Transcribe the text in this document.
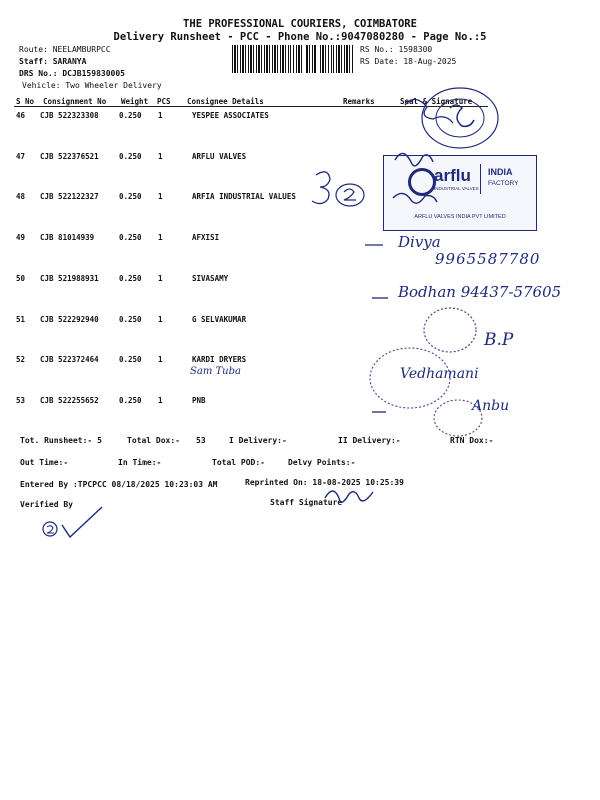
THE PROFESSIONAL COURIERS, COIMBATORE
Delivery Runsheet - PCC - Phone No.:9047080280 - Page No.:5
Route: NEELAMBURPCC
Staff: SARANYA
DRS No.: DCJB159830005
Vehicle: Two Wheeler Delivery
RS No.: 1598300
RS Date: 18-Aug-2025
S No Consignment No Weight PCS Consignee Details	Remarks	Seal & Signature
46 CJB 522323308	0.250 1	YESPEE ASSOCIATES
47 CJB 522376521	0.250 1	ARFLU VALVES
48 CJB 522122327	0.250 1	ARFIA INDUSTRIAL VALUES
49 CJB 81014939	0.250 1	AFXISI
50 CJB 521988931	0.250 1	SIVASAMY
51 CJB 522292940	0.250 1	G SELVAKUMAR
52 CJB 522372464	0.250 1	KARDI DRYERS
53 CJB 522255652	0.250 1	PNB
Tot. Runsheet:- 5	Total Dox:- 53	I Delivery:-	II Delivery:-	RTN Dox:-
Out Time:-	In Time:-	Total POD:-	Delvy Points:-
Entered By :TPCPCC 08/18/2025 10:23:03 AM	Reprinted On: 18-08-2025 10:25:39
Verified By	Staff Signature
arflu
INDUSTRIAL VALVES
INDIA
FACTORY
ARFLU VALVES INDIA PVT LIMITED
Divya
9965587780
Bodhan 94437-57605
Sam Tuba
B.P
Vedhamani
Anbu
